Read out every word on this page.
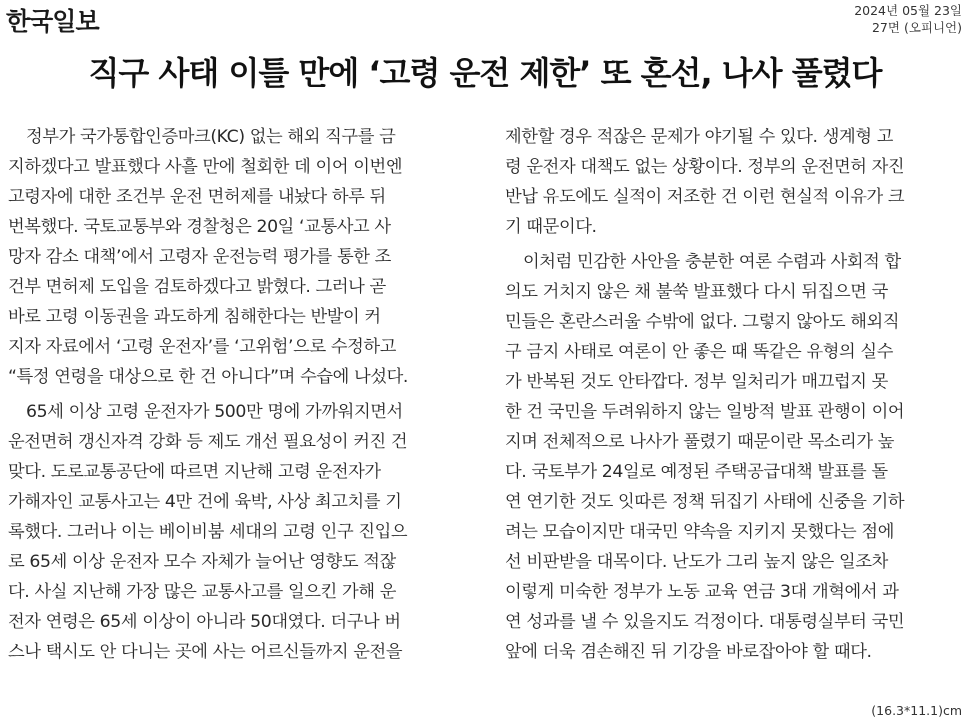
한국일보	2024년 05월 23일
27면 (오피니언)
직구 사태 이틀 만에 ‘고령 운전 제한’ 또 혼선, 나사 풀렸다

정부가 국가통합인증마크(KC) 없는 해외 직구를 금
지하겠다고 발표했다 사흘 만에 철회한 데 이어 이번엔
고령자에 대한 조건부 운전 면허제를 내놨다 하루 뒤
번복했다. 국토교통부와 경찰청은 20일 ‘교통사고 사
망자 감소 대책’에서 고령자 운전능력 평가를 통한 조
건부 면허제 도입을 검토하겠다고 밝혔다. 그러나 곧
바로 고령 이동권을 과도하게 침해한다는 반발이 커
지자 자료에서 ‘고령 운전자’를 ‘고위험’으로 수정하고
“특정 연령을 대상으로 한 건 아니다”며 수습에 나섰다.

65세 이상 고령 운전자가 500만 명에 가까워지면서
운전면허 갱신자격 강화 등 제도 개선 필요성이 커진 건
맞다. 도로교통공단에 따르면 지난해 고령 운전자가
가해자인 교통사고는 4만 건에 육박, 사상 최고치를 기
록했다. 그러나 이는 베이비붐 세대의 고령 인구 진입으
로 65세 이상 운전자 모수 자체가 늘어난 영향도 적잖
다. 사실 지난해 가장 많은 교통사고를 일으킨 가해 운
전자 연령은 65세 이상이 아니라 50대였다. 더구나 버
스나 택시도 안 다니는 곳에 사는 어르신들까지 운전을

제한할 경우 적잖은 문제가 야기될 수 있다. 생계형 고
령 운전자 대책도 없는 상황이다. 정부의 운전면허 자진
반납 유도에도 실적이 저조한 건 이런 현실적 이유가 크
기 때문이다.

이처럼 민감한 사안을 충분한 여론 수렴과 사회적 합
의도 거치지 않은 채 불쑥 발표했다 다시 뒤집으면 국
민들은 혼란스러울 수밖에 없다. 그렇지 않아도 해외직
구 금지 사태로 여론이 안 좋은 때 똑같은 유형의 실수
가 반복된 것도 안타깝다. 정부 일처리가 매끄럽지 못
한 건 국민을 두려워하지 않는 일방적 발표 관행이 이어
지며 전체적으로 나사가 풀렸기 때문이란 목소리가 높
다. 국토부가 24일로 예정된 주택공급대책 발표를 돌
연 연기한 것도 잇따른 정책 뒤집기 사태에 신중을 기하
려는 모습이지만 대국민 약속을 지키지 못했다는 점에
선 비판받을 대목이다. 난도가 그리 높지 않은 일조차
이렇게 미숙한 정부가 노동 교육 연금 3대 개혁에서 과
연 성과를 낼 수 있을지도 걱정이다. 대통령실부터 국민
앞에 더욱 겸손해진 뒤 기강을 바로잡아야 할 때다.

(16.3*11.1)cm
